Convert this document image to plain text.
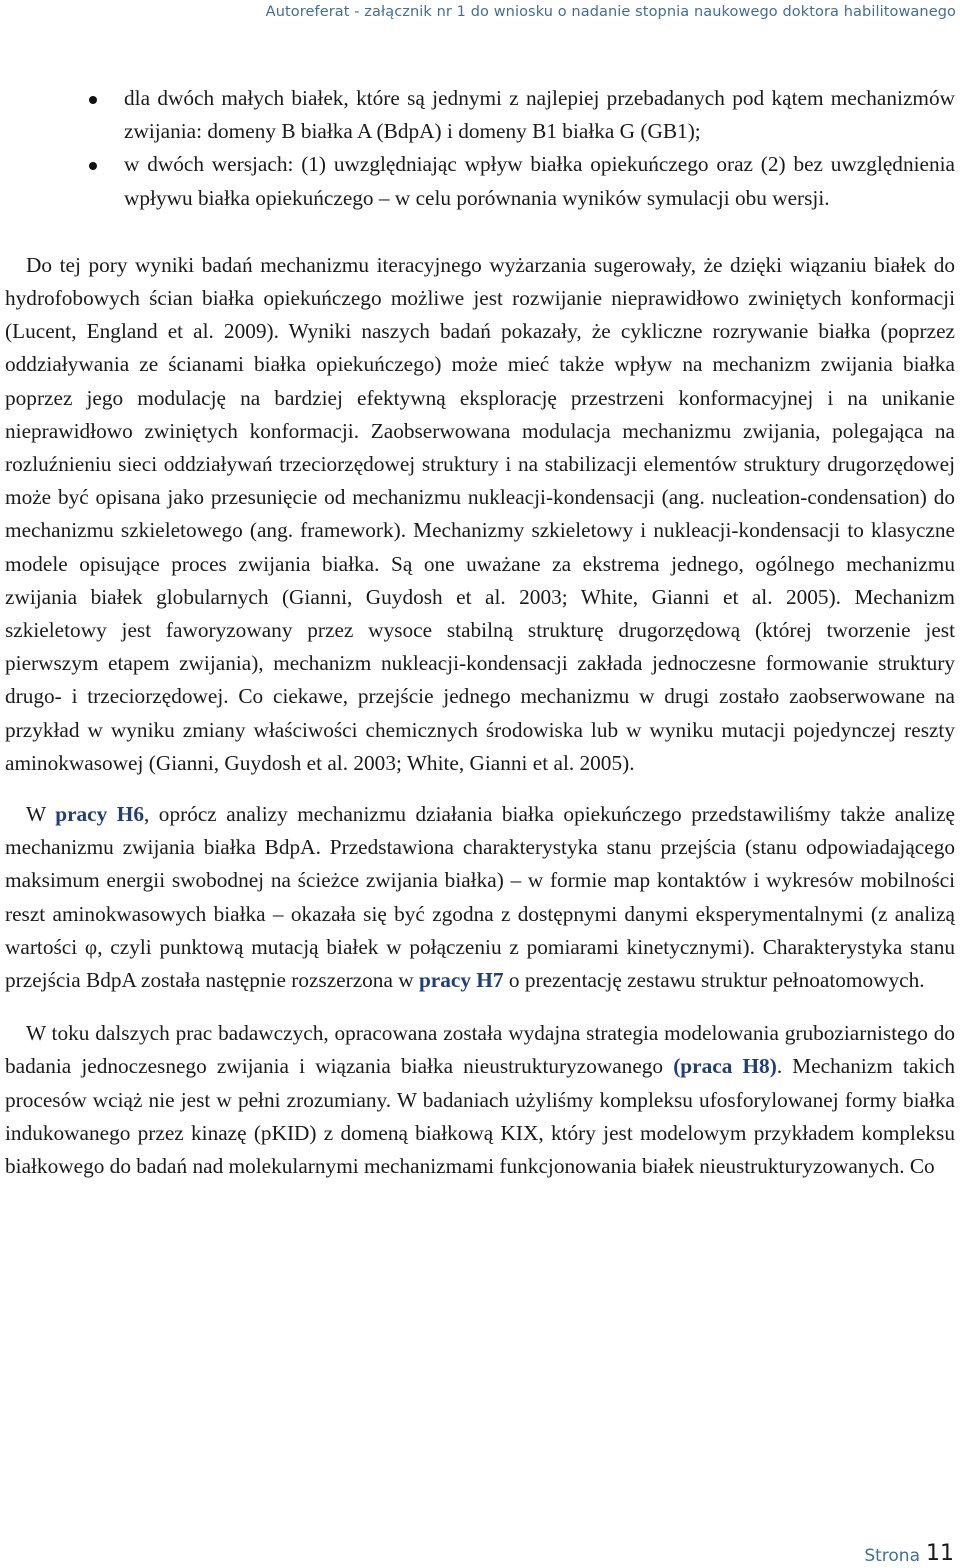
Autoreferat - załącznik nr 1 do wniosku o nadanie stopnia naukowego doktora habilitowanego
dla dwóch małych białek, które są jednymi z najlepiej przebadanych pod kątem mechanizmów zwijania: domeny B białka A (BdpA) i domeny B1 białka G (GB1);
w dwóch wersjach: (1) uwzględniając wpływ białka opiekuńczego oraz (2) bez uwzględnienia wpływu białka opiekuńczego – w celu porównania wyników symulacji obu wersji.

Do tej pory wyniki badań mechanizmu iteracyjnego wyżarzania sugerowały, że dzięki wiązaniu białek do hydrofobowych ścian białka opiekuńczego możliwe jest rozwijanie nieprawidłowo zwiniętych konformacji (Lucent, England et al. 2009). Wyniki naszych badań pokazały, że cykliczne rozrywanie białka (poprzez oddziaływania ze ścianami białka opiekuńczego) może mieć także wpływ na mechanizm zwijania białka poprzez jego modulację na bardziej efektywną eksplorację przestrzeni konformacyjnej i na unikanie nieprawidłowo zwiniętych konformacji. Zaobserwowana modulacja mechanizmu zwijania, polegająca na rozluźnieniu sieci oddziaływań trzeciorzędowej struktury i na stabilizacji elementów struktury drugorzędowej może być opisana jako przesunięcie od mechanizmu nukleacji-kondensacji (ang. nucleation-condensation) do mechanizmu szkieletowego (ang. framework). Mechanizmy szkieletowy i nukleacji-kondensacji to klasyczne modele opisujące proces zwijania białka. Są one uważane za ekstrema jednego, ogólnego mechanizmu zwijania białek globularnych (Gianni, Guydosh et al. 2003; White, Gianni et al. 2005). Mechanizm szkieletowy jest faworyzowany przez wysoce stabilną strukturę drugorzędową (której tworzenie jest pierwszym etapem zwijania), mechanizm nukleacji-kondensacji zakłada jednoczesne formowanie struktury drugo- i trzeciorzędowej. Co ciekawe, przejście jednego mechanizmu w drugi zostało zaobserwowane na przykład w wyniku zmiany właściwości chemicznych środowiska lub w wyniku mutacji pojedynczej reszty aminokwasowej (Gianni, Guydosh et al. 2003; White, Gianni et al. 2005).

W pracy H6, oprócz analizy mechanizmu działania białka opiekuńczego przedstawiliśmy także analizę mechanizmu zwijania białka BdpA. Przedstawiona charakterystyka stanu przejścia (stanu odpowiadającego maksimum energii swobodnej na ścieżce zwijania białka) – w formie map kontaktów i wykresów mobilności reszt aminokwasowych białka – okazała się być zgodna z dostępnymi danymi eksperymentalnymi (z analizą wartości φ, czyli punktową mutacją białek w połączeniu z pomiarami kinetycznymi). Charakterystyka stanu przejścia BdpA została następnie rozszerzona w pracy H7 o prezentację zestawu struktur pełnoatomowych.

W toku dalszych prac badawczych, opracowana została wydajna strategia modelowania gruboziarnistego do badania jednoczesnego zwijania i wiązania białka nieustrukturyzowanego (praca H8). Mechanizm takich procesów wciąż nie jest w pełni zrozumiany. W badaniach użyliśmy kompleksu ufosforylowanej formy białka indukowanego przez kinazę (pKID) z domeną białkową KIX, który jest modelowym przykładem kompleksu białkowego do badań nad molekularnymi mechanizmami funkcjonowania białek nieustrukturyzowanych. Co

Strona 11
